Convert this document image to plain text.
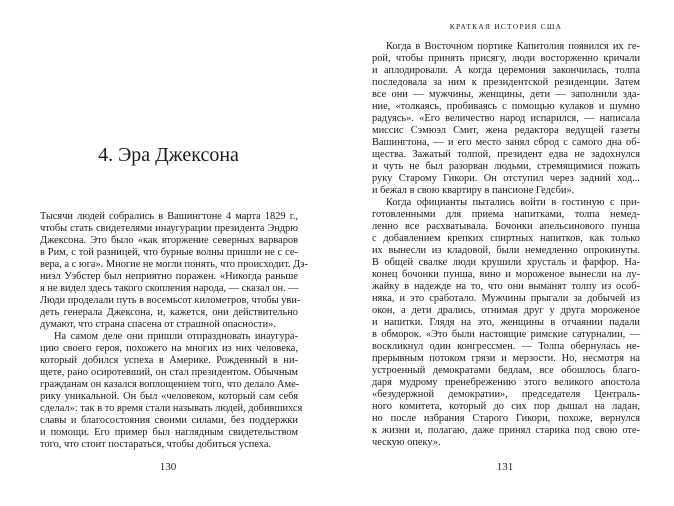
4. Эра Джексона
Тысячи людей собрались в Вашингтоне 4 марта 1829 г.,
чтобы стать свидетелями инаугурации президента Эндрю
Джексона. Это было «как вторжение северных варваров
в Рим, с той разницей, что бурные волны пришли не с се-
вера, а с юга». Многие не могли понять, что происходит. Дэ-
ниэл Уэбстер был неприятно поражен. «Никогда раньше
я не видел здесь такого скопления народа, — сказал он. —
Люди проделали путь в восемьсот километров, чтобы уви-
деть генерала Джексона, и, кажется, они действительно
думают, что страна спасена от страшной опасности».
На самом деле они пришли отпраздновать инаугура-
цию своего героя, похожего на многих из них человека,
который добился успеха в Америке. Рожденный в ни-
щете, рано осиротевший, он стал президентом. Обычным
гражданам он казался воплощением того, что делало Аме-
рику уникальной. Он был «человеком, который сам себя
сделал»: так в то время стали называть людей, добившихся
славы и благосостояния своими силами, без поддержки
и помощи. Его пример был наглядным свидетельством
того, что стоит постараться, чтобы добиться успеха.
130
КРАТКАЯ ИСТОРИЯ США
Когда в Восточном портике Капитолия появился их ге-
рой, чтобы принять присягу, люди восторженно кричали
и аплодировали. А когда церемония закончилась, толпа
последовала за ним к президентской резиденции. Затем
все они — мужчины, женщины, дети — заполнили зда-
ние, «толкаясь, пробиваясь с помощью кулаков и шумно
радуясь». «Его величество народ испарился, — написала
миссис Сэмюэл Смит, жена редактора ведущей газеты
Вашингтона, — и его место занял сброд с самого дна об-
щества. Зажатый толпой, президент едва не задохнулся
и чуть не был разорван людьми, стремящимися пожать
руку Старому Гикори. Он отступил через задний ход...
и бежал в свою квартиру в пансионе Гедсби».
Когда официанты пытались войти в гостиную с при-
готовленными для приема напитками, толпа немед-
ленно все расхватывала. Бочонки апельсинового пунша
с добавлением крепких спиртных напитков, как только
их вынесли из кладовой, были немедленно опрокинуты.
В общей свалке люди крушили хрусталь и фарфор. На-
конец бочонки пунша, вино и мороженое вынесли на лу-
жайку в надежде на то, что они выманят толпу из особ-
няка, и это сработало. Мужчины прыгали за добычей из
окон, а дети дрались, отнимая друг у друга мороженое
и напитки. Глядя на это, женщины в отчаянии падали
в обморок. «Это были настоящие римские сатурналии, —
воскликнул один конгрессмен. — Толпа обернулась не-
прерывным потоком грязи и мерзости. Но, несмотря на
устроенный демократами бедлам, все обошлось благо-
даря мудрому пренебрежению этого великого апостола
«безудержной демократии», председателя Централь-
ного комитета, который до сих пор дышал на ладан,
но после избрания Старого Гикори, похоже, вернулся
к жизни и, полагаю, даже принял старика под свою оте-
ческую опеку».
131
